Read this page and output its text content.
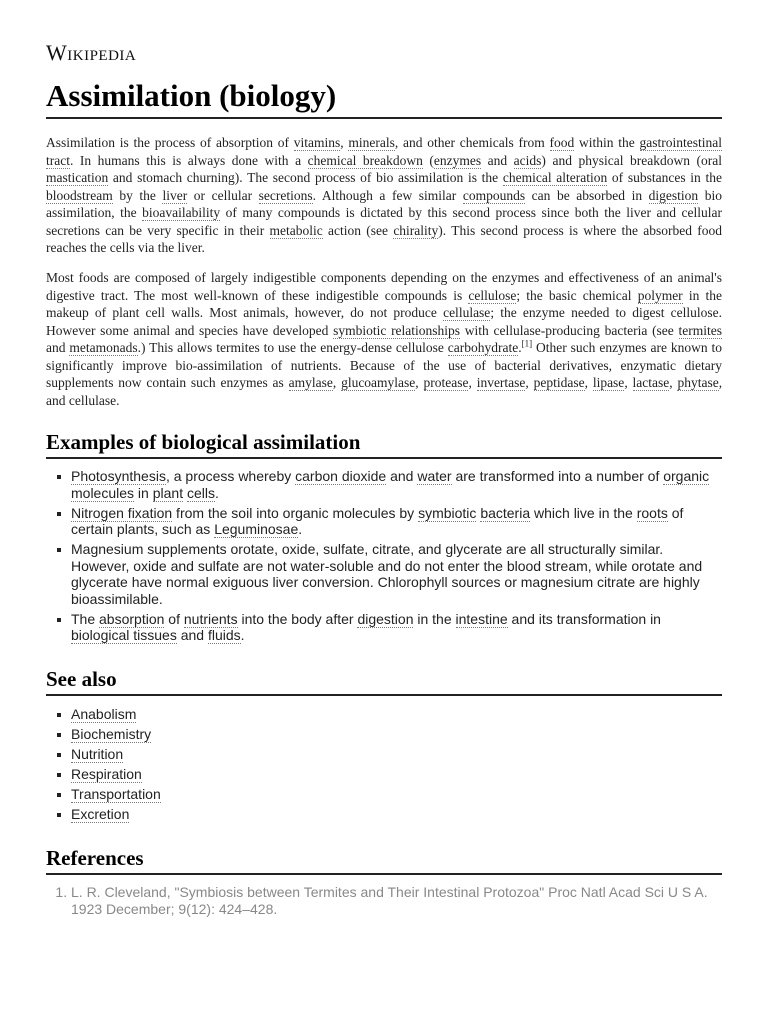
Wikipedia
Assimilation (biology)

Assimilation is the process of absorption of vitamins, minerals, and other chemicals from food within the gastrointestinal tract. In humans this is always done with a chemical breakdown (enzymes and acids) and physical breakdown (oral mastication and stomach churning). The second process of bio assimilation is the chemical alteration of substances in the bloodstream by the liver or cellular secretions. Although a few similar compounds can be absorbed in digestion bio assimilation, the bioavailability of many compounds is dictated by this second process since both the liver and cellular secretions can be very specific in their metabolic action (see chirality). This second process is where the absorbed food reaches the cells via the liver.

Most foods are composed of largely indigestible components depending on the enzymes and effectiveness of an animal's digestive tract. The most well-known of these indigestible compounds is cellulose; the basic chemical polymer in the makeup of plant cell walls. Most animals, however, do not produce cellulase; the enzyme needed to digest cellulose. However some animal and species have developed symbiotic relationships with cellulase-producing bacteria (see termites and metamonads.) This allows termites to use the energy-dense cellulose carbohydrate.[1] Other such enzymes are known to significantly improve bio-assimilation of nutrients. Because of the use of bacterial derivatives, enzymatic dietary supplements now contain such enzymes as amylase, glucoamylase, protease, invertase, peptidase, lipase, lactase, phytase, and cellulase.

Examples of biological assimilation
Photosynthesis, a process whereby carbon dioxide and water are transformed into a number of organic molecules in plant cells.
Nitrogen fixation from the soil into organic molecules by symbiotic bacteria which live in the roots of certain plants, such as Leguminosae.
Magnesium supplements orotate, oxide, sulfate, citrate, and glycerate are all structurally similar. However, oxide and sulfate are not water-soluble and do not enter the blood stream, while orotate and glycerate have normal exiguous liver conversion. Chlorophyll sources or magnesium citrate are highly bioassimilable.
The absorption of nutrients into the body after digestion in the intestine and its transformation in biological tissues and fluids.
See also
Anabolism
Biochemistry
Nutrition
Respiration
Transportation
Excretion
References
1. L. R. Cleveland, "Symbiosis between Termites and Their Intestinal Protozoa" Proc Natl Acad Sci U S A. 1923 December; 9(12): 424–428.
